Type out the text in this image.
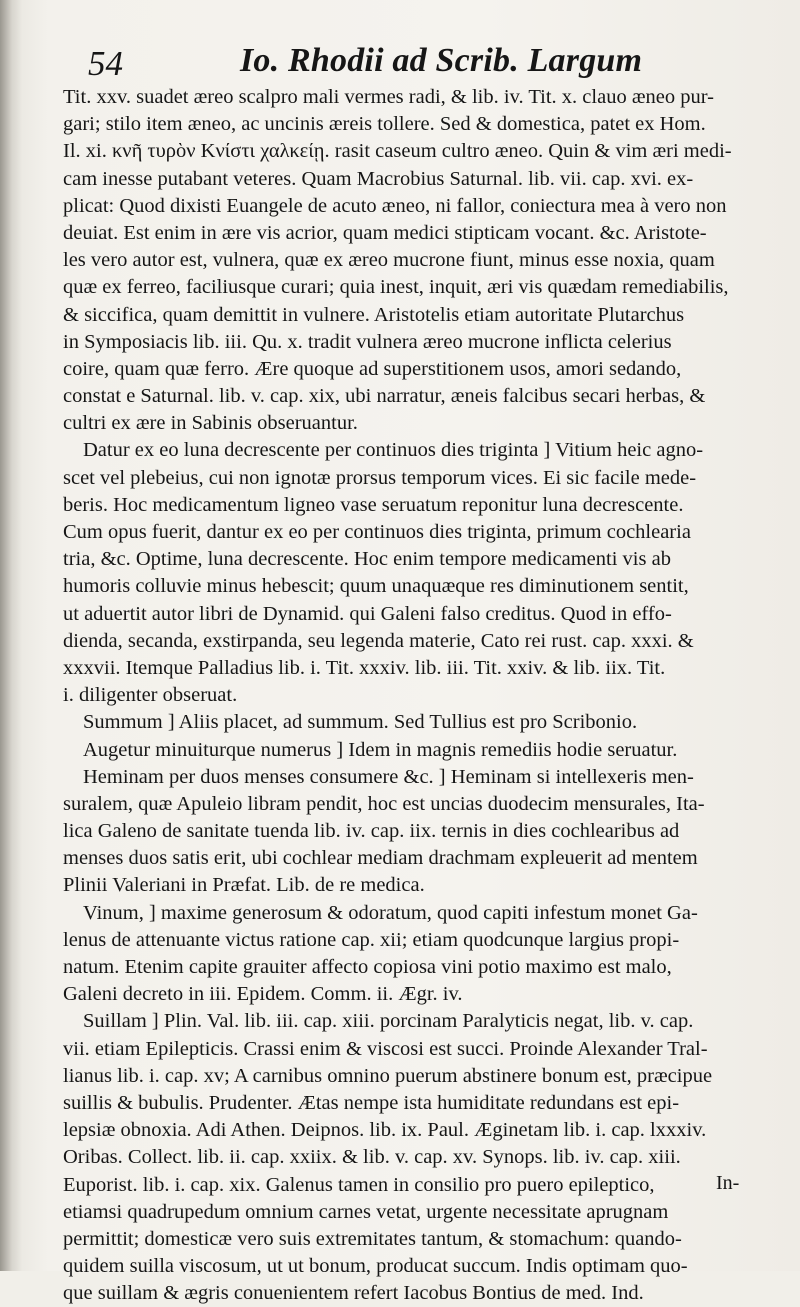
54	Io. Rhodii ad Scrib. Largum
Tit. xxv. suadet æreo scalpro mali vermes radi, & lib. iv. Tit. x. clauo æneo pur-
gari; stilo item æneo, ac uncinis æreis tollere. Sed & domestica, patet ex Hom.
Il. xi. κνῆ τυρὸν Κνίστι χαλκείῃ. rasit caseum cultro æneo. Quin & vim æri medi-
cam inesse putabant veteres. Quam Macrobius Saturnal. lib. vii. cap. xvi. ex-
plicat: Quod dixisti Euangele de acuto æneo, ni fallor, coniectura mea à vero non
deuiat. Est enim in ære vis acrior, quam medici stipticam vocant. &c. Aristote-
les vero autor est, vulnera, quæ ex æreo mucrone fiunt, minus esse noxia, quam
quæ ex ferreo, faciliusque curari; quia inest, inquit, æri vis quædam remediabilis,
& siccifica, quam demittit in vulnere. Aristotelis etiam autoritate Plutarchus
in Symposiacis lib. iii. Qu. x. tradit vulnera æreo mucrone inflicta celerius
coire, quam quæ ferro. Ære quoque ad superstitionem usos, amori sedando,
constat e Saturnal. lib. v. cap. xix, ubi narratur, æneis falcibus secari herbas, &
cultri ex ære in Sabinis obseruantur.
Datur ex eo luna decrescente per continuos dies triginta ] Vitium heic agno-
scet vel plebeius, cui non ignotæ prorsus temporum vices. Ei sic facile mede-
beris. Hoc medicamentum ligneo vase seruatum reponitur luna decrescente.
Cum opus fuerit, dantur ex eo per continuos dies triginta, primum cochlearia
tria, &c. Optime, luna decrescente. Hoc enim tempore medicamenti vis ab
humoris colluvie minus hebescit; quum unaquæque res diminutionem sentit,
ut aduertit autor libri de Dynamid. qui Galeni falso creditus. Quod in effo-
dienda, secanda, exstirpanda, seu legenda materie, Cato rei rust. cap. xxxi. &
xxxvii. Itemque Palladius lib. i. Tit. xxxiv. lib. iii. Tit. xxiv. & lib. iix. Tit.
i. diligenter obseruat.
Summum ] Aliis placet, ad summum. Sed Tullius est pro Scribonio.
Augetur minuiturque numerus ] Idem in magnis remediis hodie seruatur.
Heminam per duos menses consumere &c. ] Heminam si intellexeris men-
suralem, quæ Apuleio libram pendit, hoc est uncias duodecim mensurales, Ita-
lica Galeno de sanitate tuenda lib. iv. cap. iix. ternis in dies cochlearibus ad
menses duos satis erit, ubi cochlear mediam drachmam expleuerit ad mentem
Plinii Valeriani in Præfat. Lib. de re medica.
Vinum, ] maxime generosum & odoratum, quod capiti infestum monet Ga-
lenus de attenuante victus ratione cap. xii; etiam quodcunque largius propi-
natum. Etenim capite grauiter affecto copiosa vini potio maximo est malo,
Galeni decreto in iii. Epidem. Comm. ii. Ægr. iv.
Suillam ] Plin. Val. lib. iii. cap. xiii. porcinam Paralyticis negat, lib. v. cap.
vii. etiam Epilepticis. Crassi enim & viscosi est succi. Proinde Alexander Tral-
lianus lib. i. cap. xv; A carnibus omnino puerum abstinere bonum est, præcipue
suillis & bubulis. Prudenter. Ætas nempe ista humiditate redundans est epi-
lepsiæ obnoxia. Adi Athen. Deipnos. lib. ix. Paul. Æginetam lib. i. cap. lxxxiv.
Oribas. Collect. lib. ii. cap. xxiix. & lib. v. cap. xv. Synops. lib. iv. cap. xiii.
Euporist. lib. i. cap. xix. Galenus tamen in consilio pro puero epileptico,
etiamsi quadrupedum omnium carnes vetat, urgente necessitate aprugnam
permittit; domesticæ vero suis extremitates tantum, & stomachum: quando-
quidem suilla viscosum, ut ut bonum, producat succum. Indis optimam quo-
que suillam & ægris conuenientem refert Iacobus Bontius de med. Ind.
In-
